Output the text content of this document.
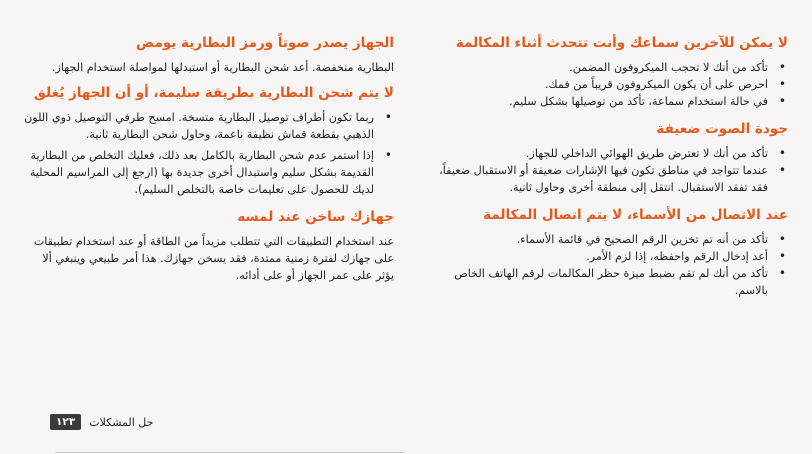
لا يمكن للآخرين سماعك وأنت تتحدث أثناء المكالمة
• تأكد من أنك لا تحجب الميكروفون المضمن.
• احرص على أن يكون الميكروفون قريباً من فمك.
• في حالة استخدام سماعة، تأكد من توصيلها بشكل سليم.
جودة الصوت ضعيفة
• تأكد من أنك لا تعترض طريق الهوائي الداخلي للجهاز.
• عندما تتواجد في مناطق تكون فيها الإشارات ضعيفة أو الاستقبال ضعيفاً، فقد تفقد الاستقبال. انتقل إلى منطقة أخرى وحاول ثانية.
عند الاتصال من الأسماء، لا يتم اتصال المكالمة
• تأكد من أنه تم تخزين الرقم الصحيح في قائمة الأسماء.
• أعد إدخال الرقم واحفظه، إذا لزم الأمر.
• تأكد من أنك لم تقم بضبط ميزة حظر المكالمات لرقم الهاتف الخاص بالاسم.
الجهاز يصدر صوتاً ورمز البطارية يومض

البطارية منخفضة. أعد شحن البطارية أو استبدلها لمواصلة استخدام الجهاز.

لا يتم شحن البطارية بطريقة سليمة، أو أن الجهاز يُغلق
• ربما تكون أطراف توصيل البطارية متسخة. امسح طرفي التوصيل ذوي اللون الذهبي بقطعة قماش نظيفة ناعمة، وحاول شحن البطارية ثانية.
• إذا استمر عدم شحن البطارية بالكامل بعد ذلك، فعليك التخلص من البطارية القديمة بشكل سليم واستبدال أخرى جديدة بها (ارجع إلى المراسيم المحلية لديك للحصول على تعليمات خاصة بالتخلص السليم).
جهازك ساخن عند لمسه

عند استخدام التطبيقات التي تتطلب مزيداً من الطاقة أو عند استخدام تطبيقات على جهازك لفترة زمنية ممتدة، فقد يسخن جهازك. هذا أمر طبيعي وينبغي ألا يؤثر على عمر الجهاز أو على أدائه.

حل المشكلات
١٢٣
